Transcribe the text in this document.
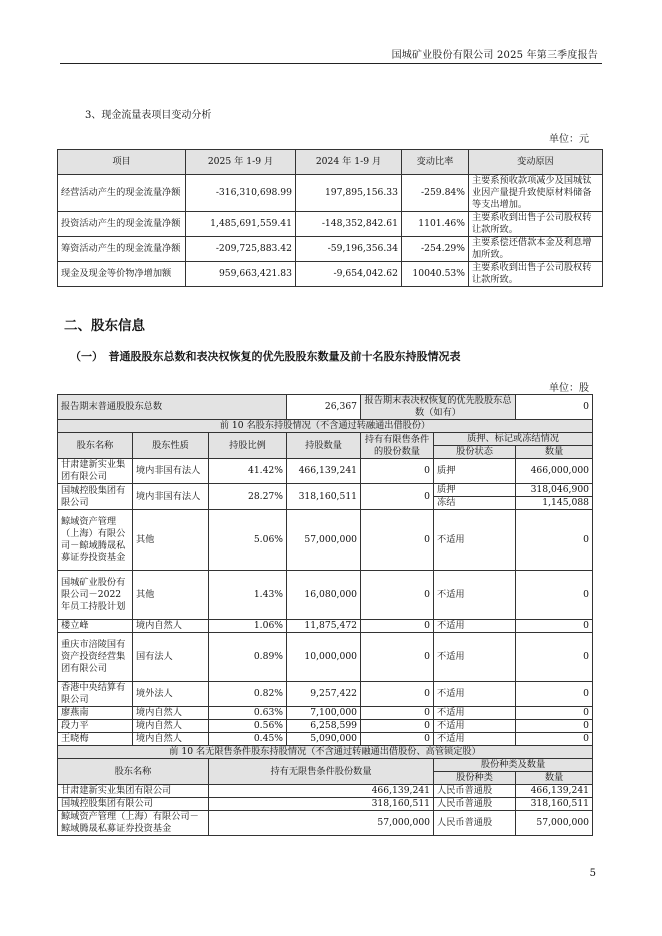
国城矿业股份有限公司 2025 年第三季度报告
3、现金流量表项目变动分析
单位：元
项目	2025 年 1-9 月	2024 年 1-9 月	变动比率	变动原因
经营活动产生的现金流量净额	-316,310,698.99	197,895,156.33	-259.84%	主要系预收款项减少及国城钛业因产量提升致使原材料储备等支出增加。
投资活动产生的现金流量净额	1,485,691,559.41	-148,352,842.61	1101.46%	主要系收到出售子公司股权转让款所致。
筹资活动产生的现金流量净额	-209,725,883.42	-59,196,356.34	-254.29%	主要系偿还借款本金及利息增加所致。
现金及现金等价物净增加额	959,663,421.83	-9,654,042.62	10040.53%	主要系收到出售子公司股权转让款所致。
二、股东信息
（一）　普通股股东总数和表决权恢复的优先股股东数量及前十名股东持股情况表
单位：股
报告期末普通股股东总数			26,367	报告期末表决权恢复的优先股股东总数（如有）		0
前 10 名股东持股情况（不含通过转融通出借股份）						
股东名称	股东性质	持股比例	持股数量	持有有限售条件的股份数量	质押、标记或冻结情况	
					股份状态	数量
甘肃建新实业集团有限公司	境内非国有法人	41.42%	466,139,241	0	质押	466,000,000
国城控股集团有限公司	境内非国有法人	28.27%	318,160,511	0	质押	318,046,900
					冻结	1,145,088
鲸域资产管理（上海）有限公司－鲸域腾晟私募证券投资基金	其他	5.06%	57,000,000	0	不适用	0
国城矿业股份有限公司－2022 年员工持股计划	其他	1.43%	16,080,000	0	不适用	0
楼立峰	境内自然人	1.06%	11,875,472	0	不适用	0
重庆市涪陵国有资产投资经营集团有限公司	国有法人	0.89%	10,000,000	0	不适用	0
香港中央结算有限公司	境外法人	0.82%	9,257,422	0	不适用	0
廖燕南	境内自然人	0.63%	7,100,000	0	不适用	0
段力平	境内自然人	0.56%	6,258,599	0	不适用	0
王晓梅	境内自然人	0.45%	5,090,000	0	不适用	0
前 10 名无限售条件股东持股情况（不含通过转融通出借股份、高管锁定股）						
股东名称		持有无限售条件股份数量			股份种类及数量	
					股份种类	数量
甘肃建新实业集团有限公司		466,139,241			人民币普通股	466,139,241
国城控股集团有限公司		318,160,511			人民币普通股	318,160,511
鲸域资产管理（上海）有限公司－鲸域腾晟私募证券投资基金		57,000,000			人民币普通股	57,000,000
5
